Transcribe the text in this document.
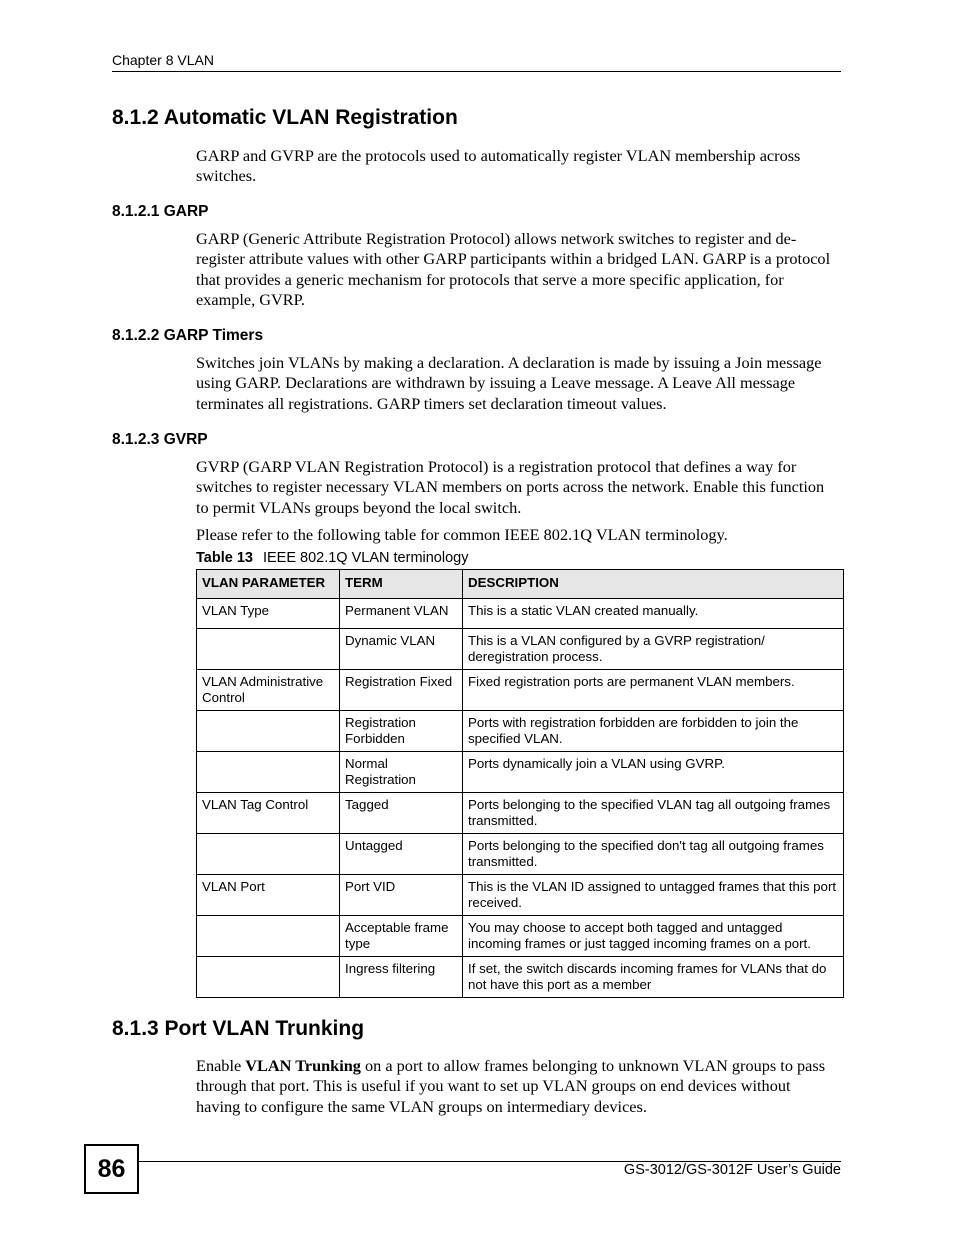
Chapter 8 VLAN
8.1.2 Automatic VLAN Registration
GARP and GVRP are the protocols used to automatically register VLAN membership across switches.
8.1.2.1 GARP
GARP (Generic Attribute Registration Protocol) allows network switches to register and de-register attribute values with other GARP participants within a bridged LAN. GARP is a protocol that provides a generic mechanism for protocols that serve a more specific application, for example, GVRP.
8.1.2.2 GARP Timers
Switches join VLANs by making a declaration. A declaration is made by issuing a Join message using GARP. Declarations are withdrawn by issuing a Leave message. A Leave All message terminates all registrations. GARP timers set declaration timeout values.
8.1.2.3 GVRP
GVRP (GARP VLAN Registration Protocol) is a registration protocol that defines a way for switches to register necessary VLAN members on ports across the network. Enable this function to permit VLANs groups beyond the local switch.
Please refer to the following table for common IEEE 802.1Q VLAN terminology.
Table 13 IEEE 802.1Q VLAN terminology
VLAN PARAMETER	TERM	DESCRIPTION
VLAN Type	Permanent VLAN	This is a static VLAN created manually.
	Dynamic VLAN	This is a VLAN configured by a GVRP registration/ deregistration process.
VLAN Administrative Control	Registration Fixed	Fixed registration ports are permanent VLAN members.
	Registration Forbidden	Ports with registration forbidden are forbidden to join the specified VLAN.
	Normal Registration	Ports dynamically join a VLAN using GVRP.
VLAN Tag Control	Tagged	Ports belonging to the specified VLAN tag all outgoing frames transmitted.
	Untagged	Ports belonging to the specified don't tag all outgoing frames transmitted.
VLAN Port	Port VID	This is the VLAN ID assigned to untagged frames that this port received.
	Acceptable frame type	You may choose to accept both tagged and untagged incoming frames or just tagged incoming frames on a port.
	Ingress filtering	If set, the switch discards incoming frames for VLANs that do not have this port as a member
8.1.3 Port VLAN Trunking
Enable VLAN Trunking on a port to allow frames belonging to unknown VLAN groups to pass through that port. This is useful if you want to set up VLAN groups on end devices without having to configure the same VLAN groups on intermediary devices.
86	GS-3012/GS-3012F User’s Guide
